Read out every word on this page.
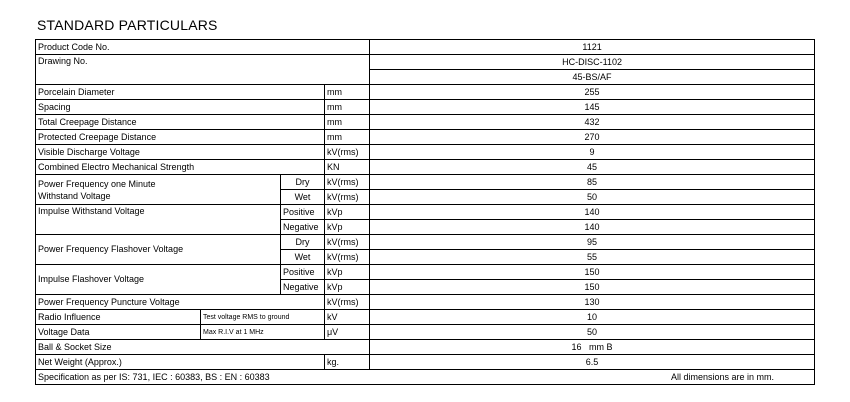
STANDARD PARTICULARS
Product Code No.				1121
Drawing No.				HC-DISC-1102
				45-BS/AF
Porcelain Diameter			mm	255
Spacing			mm	145
Total Creepage Distance			mm	432
Protected Creepage Distance			mm	270
Visible Discharge Voltage			kV(rms)	9
Combined Electro Mechanical Strength			KN	45

Power Frequency one Minute
Withstand Voltage		Dry	kV(rms)	85
		Wet	kV(rms)	50
Impulse Withstand Voltage		Positive	kVp	140
		Negative	kVp	140
Power Frequency Flashover Voltage		Dry	kV(rms)	95
		Wet	kV(rms)	55
Impulse Flashover Voltage		Positive	kVp	150
		Negative	kVp	150
Power Frequency Puncture Voltage			kV(rms)	130
Radio Influence	Test voltage RMS to ground		kV	10
Voltage Data	Max R.I.V at 1 MHz		μV	50
Ball & Socket Size				16   mm B
Net Weight (Approx.)			kg.	6.5

Specification as per IS: 731, IEC : 60383, BS : EN : 60383 All dimensions are in mm.				
